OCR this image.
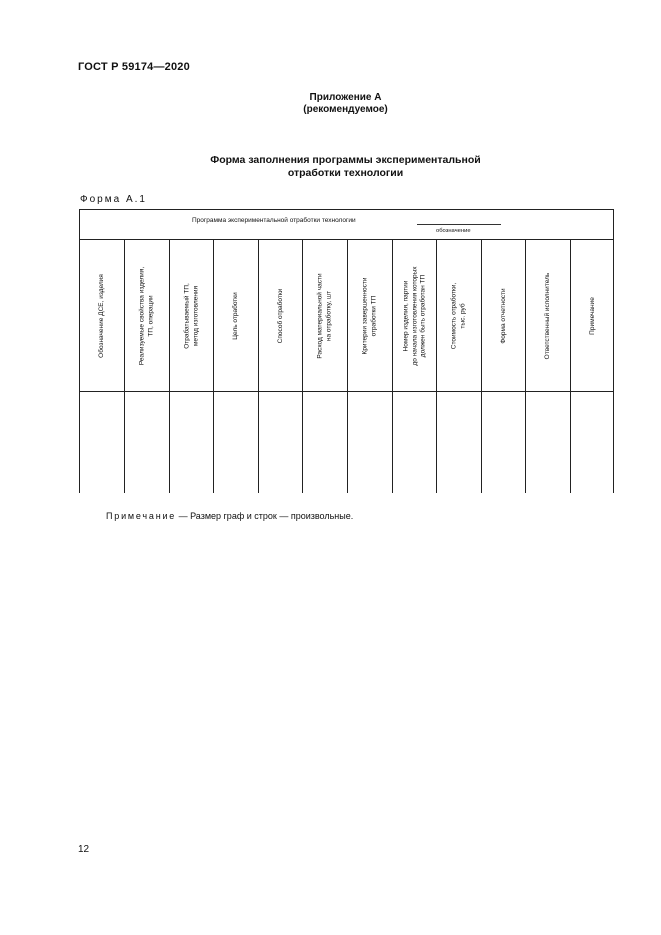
ГОСТ Р 59174—2020
Приложение А
(рекомендуемое)
Форма заполнения программы экспериментальной
отработки технологии
Форма А.1
Программа экспериментальной отработки технологии
обозначение
Обозначение ДСЕ, изделия	Реализуемые свойства изделия, ТП, операции	Отрабатываемый ТП, метод изготовления	Цель отработки	Способ отработки	Расход материальной части на отработку, шт	Критерии завершенности отработки ТП	Номер изделия, партии до начала изготовления которых должен быть отработан ТП	Стоимость отработки, тыс. руб	Форма отчетности	Ответственный исполнитель	Примечание
Примечание — Размер граф и строк — произвольные.
12
